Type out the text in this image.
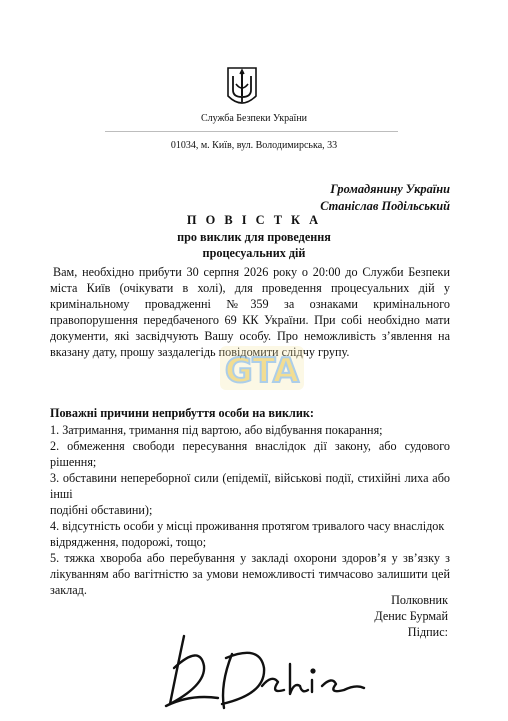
Служба Безпеки України
01034, м. Київ, вул. Володимирська, 33
Громадянину України
Станіслав Подільський
П О В І С Т К А
про виклик для проведення
процесуальних дій
Вам, необхідно прибути 30 серпня 2026 року о 20:00 до Служби Безпеки міста Київ (очікувати в холі), для проведення процесуальних дій у кримінальному провадженні №359 за ознаками кримінального правопорушення передбаченого 69 КК України. При собі необхідно мати документи, які засвідчують Вашу особу. Про неможливість з’явлення на вказану дату, прошу заздалегідь повідомити слідчу групу.
GTA
Поважні причини неприбуття особи на виклик:
1. Затримання, тримання під вартою, або відбування покарання;
2. обмеження свободи пересування внаслідок дії закону, або судового рішення;
3. обставини непереборної сили (епідемії, військові події, стихійні лиха або інші
подібні обставини);
4. відсутність особи у місці проживання протягом тривалого часу внаслідок
відрядження, подорожі, тощо;
5. тяжка хвороба або перебування у закладі охорони здоров’я у зв’язку з лікуванням або вагітністю за умови неможливості тимчасово залишити цей заклад.
Полковник
Денис Бурмай
Підпис:
